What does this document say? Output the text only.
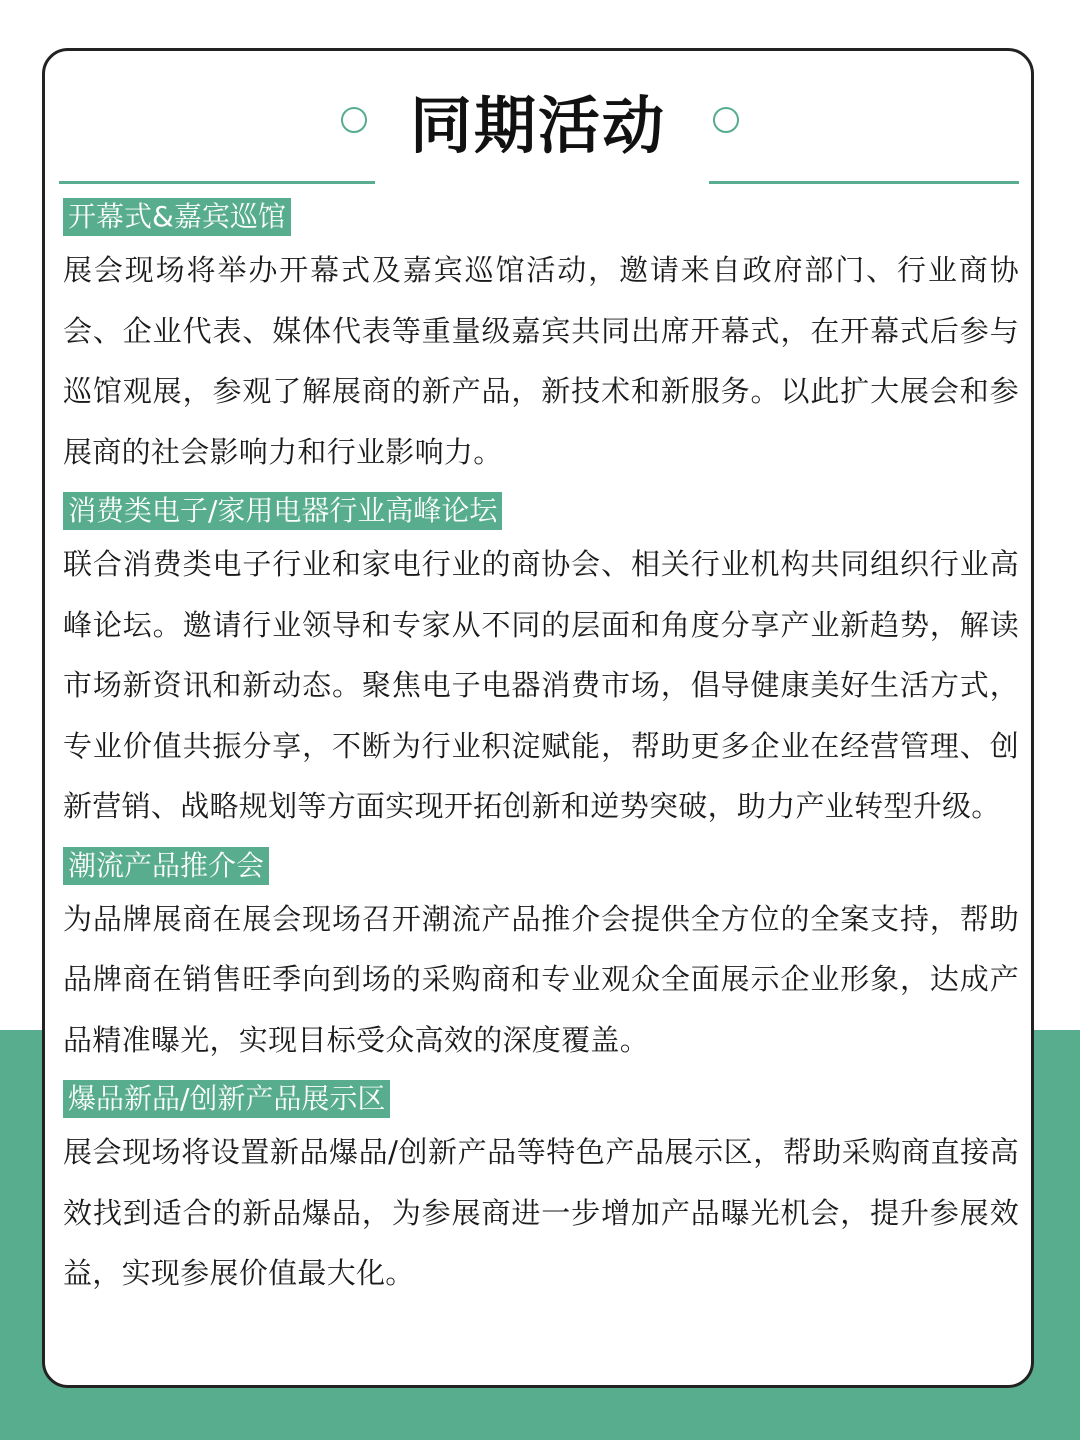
同期活动
开幕式&嘉宾巡馆

展会现场将举办开幕式及嘉宾巡馆活动，邀请来自政府部门、行业商协会、企业代表、媒体代表等重量级嘉宾共同出席开幕式，在开幕式后参与巡馆观展，参观了解展商的新产品，新技术和新服务。以此扩大展会和参展商的社会影响力和行业影响力。

消费类电子/家用电器行业高峰论坛

联合消费类电子行业和家电行业的商协会、相关行业机构共同组织行业高峰论坛。邀请行业领导和专家从不同的层面和角度分享产业新趋势，解读市场新资讯和新动态。聚焦电子电器消费市场，倡导健康美好生活方式，专业价值共振分享，不断为行业积淀赋能，帮助更多企业在经营管理、创新营销、战略规划等方面实现开拓创新和逆势突破，助力产业转型升级。

潮流产品推介会

为品牌展商在展会现场召开潮流产品推介会提供全方位的全案支持，帮助品牌商在销售旺季向到场的采购商和专业观众全面展示企业形象，达成产品精准曝光，实现目标受众高效的深度覆盖。

爆品新品/创新产品展示区

展会现场将设置新品爆品/创新产品等特色产品展示区，帮助采购商直接高效找到适合的新品爆品，为参展商进一步增加产品曝光机会，提升参展效益，实现参展价值最大化。
